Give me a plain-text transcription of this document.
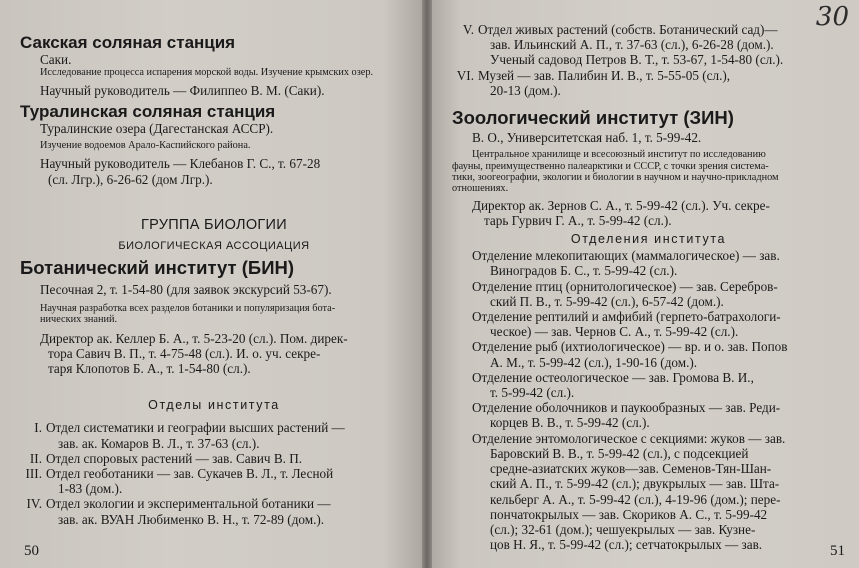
Сакская соляная станция
Саки.
Исследование процесса испарения морской воды. Изучение крымских озер.
Научный руководитель — Филиппео В. М. (Саки).
Туралинская соляная станция
Туралинские озера (Дагестанская АССР).
Изучение водоемов Арало-Каспийского района.
Научный руководитель — Клебанов Г. С., т. 67-28
(сл. Лгр.), 6-26-62 (дом Лгр.).
ГРУППА БИОЛОГИИ
БИОЛОГИЧЕСКАЯ АССОЦИАЦИЯ
Ботанический институт (БИН)
Песочная 2, т. 1-54-80 (для заявок экскурсий 53-67).
Научная разработка всех разделов ботаники и популяризация бота-
нических знаний.
Директор ак. Келлер Б. А., т. 5-23-20 (сл.). Пом. дирек-
тора Савич В. П., т. 4-75-48 (сл.). И. о. уч. секре-
таря Клопотов Б. А., т. 1-54-80 (сл.).
Отделы института
I. Отдел систематики и географии высших растений —
зав. ак. Комаров В. Л., т. 37-63 (сл.).
II. Отдел споровых растений — зав. Савич В. П.
III. Отдел геоботаники — зав. Сукачев В. Л., т. Лесной
1-83 (дом.).
IV. Отдел экологии и экспериментальной ботаники —
зав. ак. ВУАН Любименко В. Н., т. 72-89 (дом.).
50
30
V. Отдел живых растений (собств. Ботанический сад)—
зав. Ильинский А. П., т. 37-63 (сл.), 6-26-28 (дом.).
Ученый садовод Петров В. Т., т. 53-67, 1-54-80 (сл.).
VI. Музей — зав. Палибин И. В., т. 5-55-05 (сл.),
20-13 (дом.).
Зоологический институт (ЗИН)
В. О., Университетская наб. 1, т. 5-99-42.
Центральное хранилище и всесоюзный институт по исследованию
фауны, преимущественно палеарктики и СССР, с точки зрения система-
тики, зоогеографии, экологии и биологии в научном и научно-прикладном
отношениях.
Директор ак. Зернов С. А., т. 5-99-42 (сл.). Уч. секре-
тарь Гурвич Г. А., т. 5-99-42 (сл.).
Отделения института
Отделение млекопитающих (маммалогическое) — зав.
Виноградов Б. С., т. 5-99-42 (сл.).
Отделение птиц (орнитологическое) — зав. Серебров-
ский П. В., т. 5-99-42 (сл.), 6-57-42 (дом.).
Отделение рептилий и амфибий (герпето-батрахологи-
ческое) — зав. Чернов С. А., т. 5-99-42 (сл.).
Отделение рыб (ихтиологическое) — вр. и о. зав. Попов
А. М., т. 5-99-42 (сл.), 1-90-16 (дом.).
Отделение остеологическое — зав. Громова В. И.,
т. 5-99-42 (сл.).
Отделение оболочников и паукообразных — зав. Реди-
корцев В. В., т. 5-99-42 (сл.).
Отделение энтомологическое с секциями: жуков — зав.
Баровский В. В., т. 5-99-42 (сл.), с подсекцией
средне-азиатских жуков—зав. Семенов-Тян-Шан-
ский А. П., т. 5-99-42 (сл.); двукрылых — зав. Шта-
кельберг А. А., т. 5-99-42 (сл.), 4-19-96 (дом.); пере-
пончатокрылых — зав. Скориков А. С., т. 5-99-42
(сл.); 32-61 (дом.); чешуекрылых — зав. Кузне-
цов Н. Я., т. 5-99-42 (сл.); сетчатокрылых — зав.	51
